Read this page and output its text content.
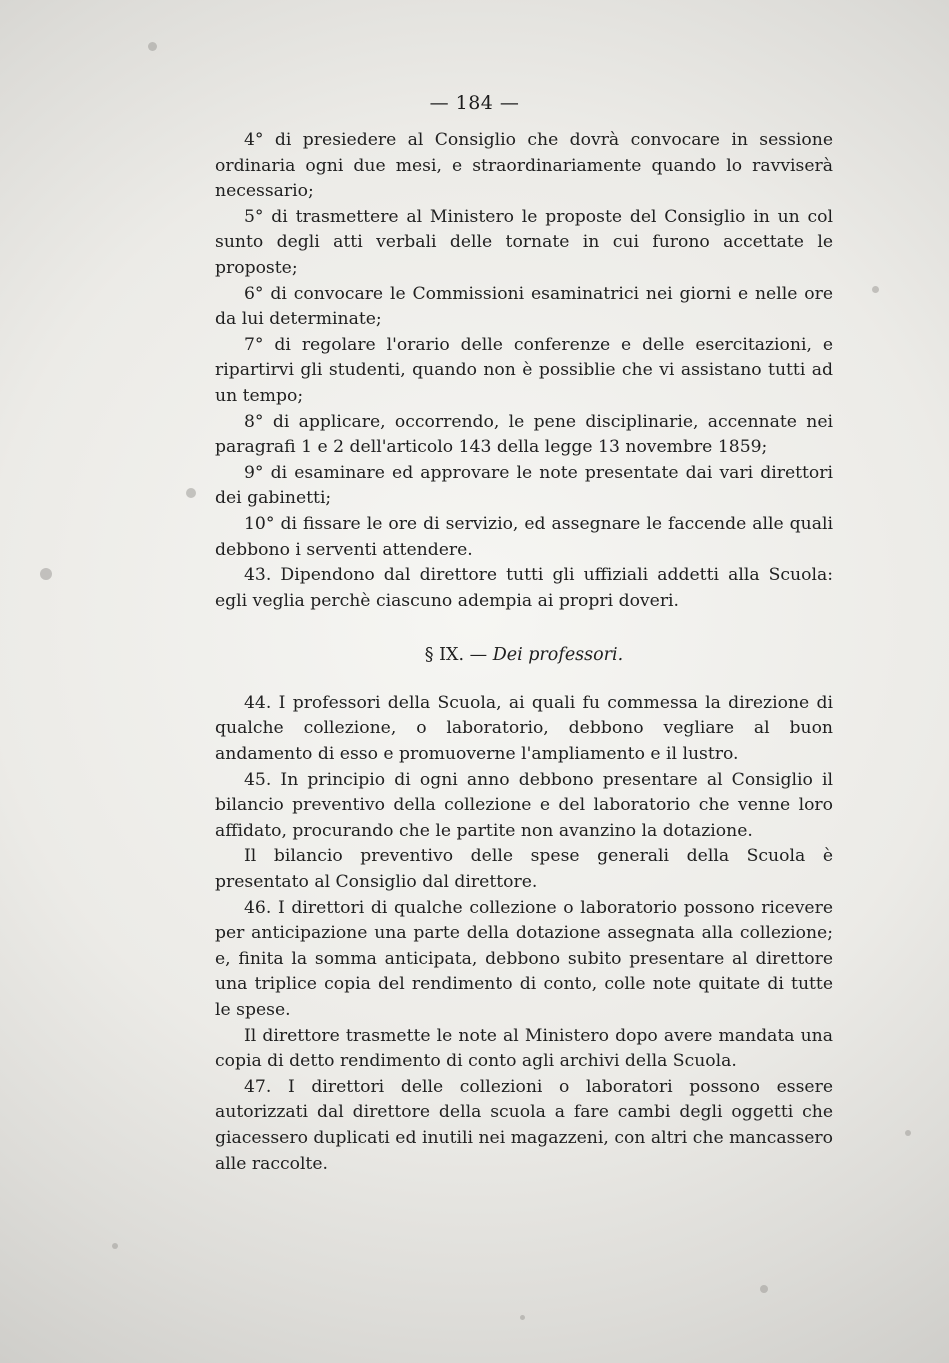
— 184 —

4° di presiedere al Consiglio che dovrà convocare in sessione ordinaria ogni due mesi, e straordinariamente quando lo ravviserà necessario;

5° di trasmettere al Ministero le proposte del Consiglio in un col sunto degli atti verbali delle tornate in cui furono accettate le proposte;

6° di convocare le Commissioni esaminatrici nei giorni e nelle ore da lui determinate;

7° di regolare l'orario delle conferenze e delle esercitazioni, e ripartirvi gli studenti, quando non è possiblie che vi assistano tutti ad un tempo;

8° di applicare, occorrendo, le pene disciplinarie, accennate nei paragrafi 1 e 2 dell'articolo 143 della legge 13 novembre 1859;

9° di esaminare ed approvare le note presentate dai vari direttori dei gabinetti;

10° di fissare le ore di servizio, ed assegnare le faccende alle quali debbono i serventi attendere.

43. Dipendono dal direttore tutti gli uffiziali addetti alla Scuola: egli veglia perchè ciascuno adempia ai propri doveri.

§ IX. — Dei professori.

44. I professori della Scuola, ai quali fu commessa la direzione di qualche collezione, o laboratorio, debbono vegliare al buon andamento di esso e promuoverne l'ampliamento e il lustro.

45. In principio di ogni anno debbono presentare al Consiglio il bilancio preventivo della collezione e del laboratorio che venne loro affidato, procurando che le partite non avanzino la dotazione.

Il bilancio preventivo delle spese generali della Scuola è presentato al Consiglio dal direttore.

46. I direttori di qualche collezione o laboratorio possono ricevere per anticipazione una parte della dotazione assegnata alla collezione; e, finita la somma anticipata, debbono subito presentare al direttore una triplice copia del rendimento di conto, colle note quitate di tutte le spese.

Il direttore trasmette le note al Ministero dopo avere mandata una copia di detto rendimento di conto agli archivi della Scuola.

47. I direttori delle collezioni o laboratori possono essere autorizzati dal direttore della scuola a fare cambi degli oggetti che giacessero duplicati ed inutili nei magazzeni, con altri che mancassero alle raccolte.
